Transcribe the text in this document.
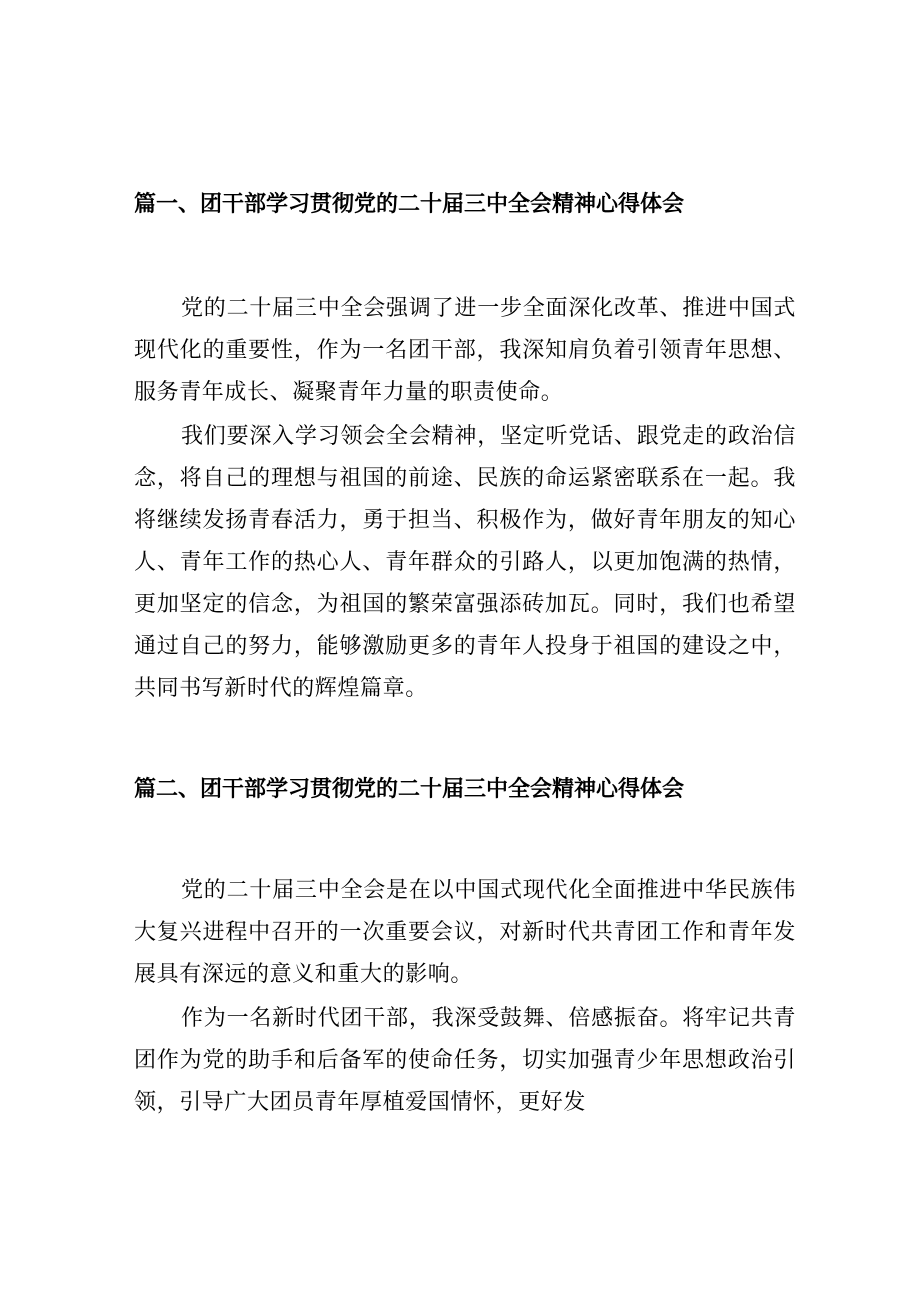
篇一、团干部学习贯彻党的二十届三中全会精神心得体会

党的二十届三中全会强调了进一步全面深化改革、推进中国式现代化的重要性，作为一名团干部，我深知肩负着引领青年思想、服务青年成长、凝聚青年力量的职责使命。

我们要深入学习领会全会精神，坚定听党话、跟党走的政治信念，将自己的理想与祖国的前途、民族的命运紧密联系在一起。我将继续发扬青春活力，勇于担当、积极作为，做好青年朋友的知心人、青年工作的热心人、青年群众的引路人，以更加饱满的热情，更加坚定的信念，为祖国的繁荣富强添砖加瓦。同时，我们也希望通过自己的努力，能够激励更多的青年人投身于祖国的建设之中，共同书写新时代的辉煌篇章。

篇二、团干部学习贯彻党的二十届三中全会精神心得体会

党的二十届三中全会是在以中国式现代化全面推进中华民族伟大复兴进程中召开的一次重要会议，对新时代共青团工作和青年发展具有深远的意义和重大的影响。

作为一名新时代团干部，我深受鼓舞、倍感振奋。将牢记共青团作为党的助手和后备军的使命任务，切实加强青少年思想政治引领，引导广大团员青年厚植爱国情怀，更好发
